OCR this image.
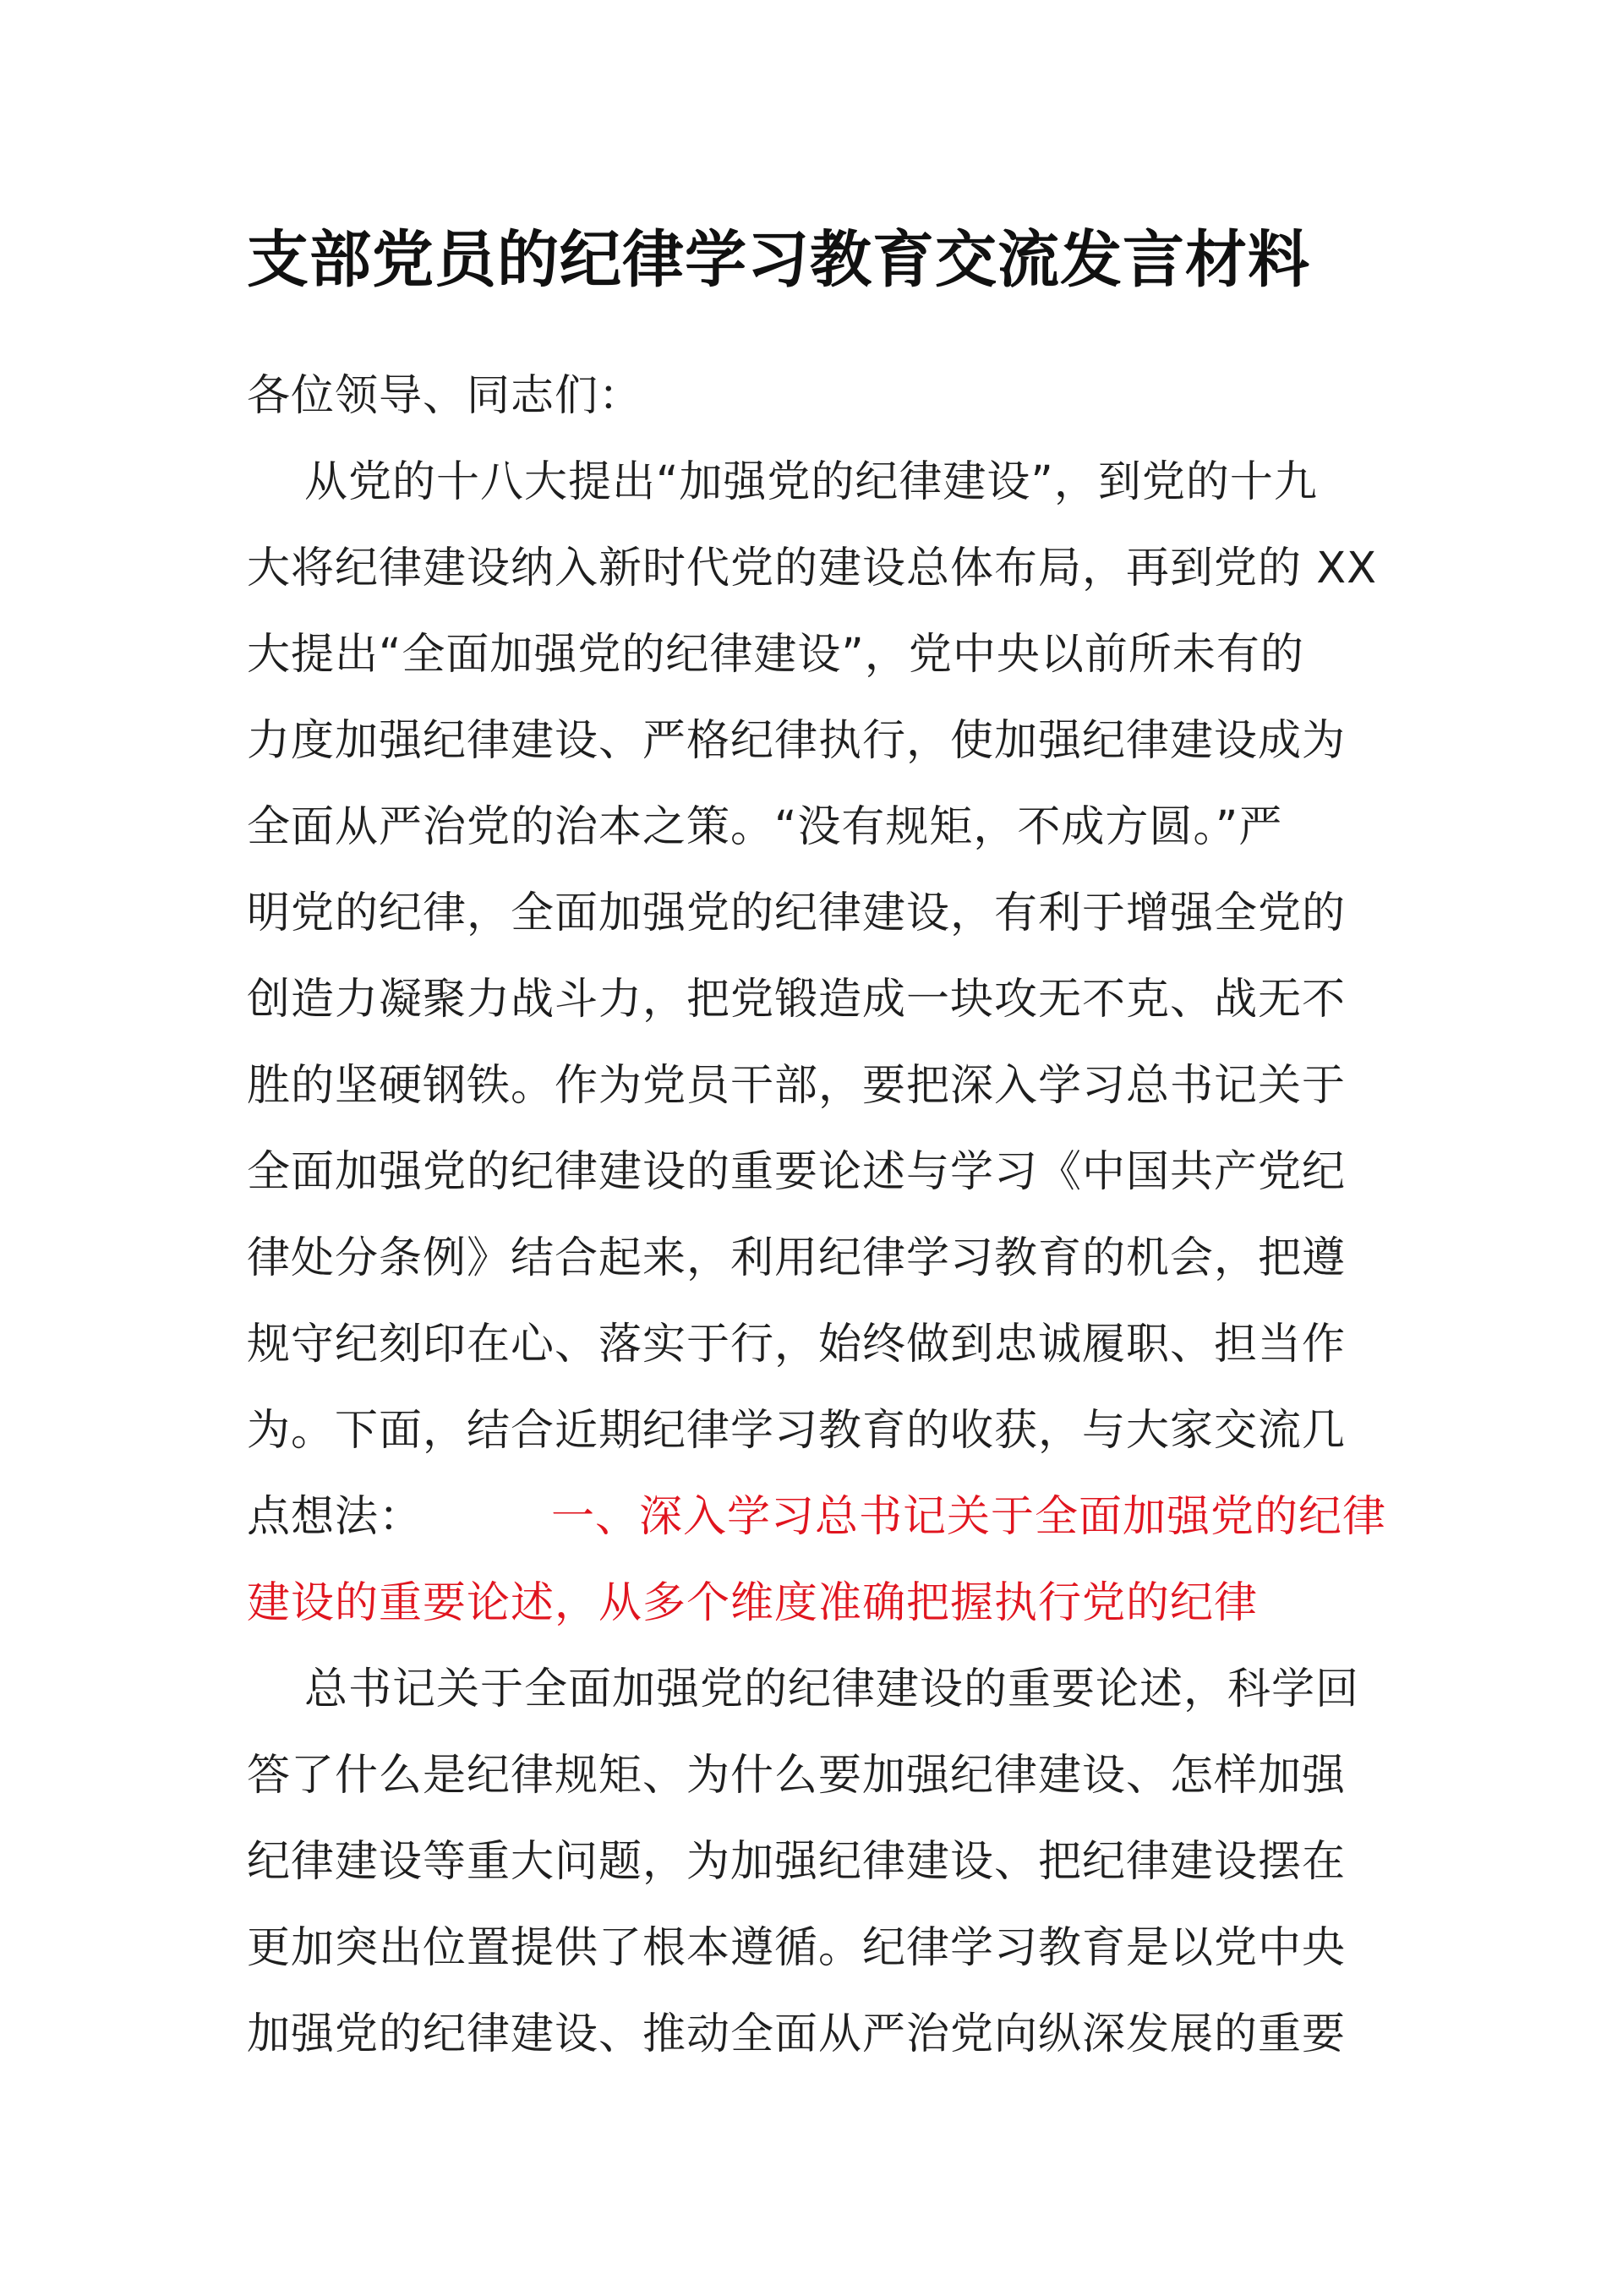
支部党员的纪律学习教育交流发言材料
各位领导、同志们：
从党的十八大提出“加强党的纪律建设”，到党的十九
大将纪律建设纳入新时代党的建设总体布局，再到党的 XX
大提出“全面加强党的纪律建设”，党中央以前所未有的
力度加强纪律建设、严格纪律执行，使加强纪律建设成为
全面从严治党的治本之策。“没有规矩，不成方圆。”严
明党的纪律，全面加强党的纪律建设，有利于增强全党的
创造力凝聚力战斗力，把党锻造成一块攻无不克、战无不
胜的坚硬钢铁。作为党员干部，要把深入学习总书记关于
全面加强党的纪律建设的重要论述与学习《中国共产党纪
律处分条例》结合起来，利用纪律学习教育的机会，把遵
规守纪刻印在心、落实于行，始终做到忠诚履职、担当作
为。下面，结合近期纪律学习教育的收获，与大家交流几
点想法：	一、深入学习总书记关于全面加强党的纪律
建设的重要论述，从多个维度准确把握执行党的纪律
总书记关于全面加强党的纪律建设的重要论述，科学回
答了什么是纪律规矩、为什么要加强纪律建设、怎样加强
纪律建设等重大问题，为加强纪律建设、把纪律建设摆在
更加突出位置提供了根本遵循。纪律学习教育是以党中央
加强党的纪律建设、推动全面从严治党向纵深发展的重要
